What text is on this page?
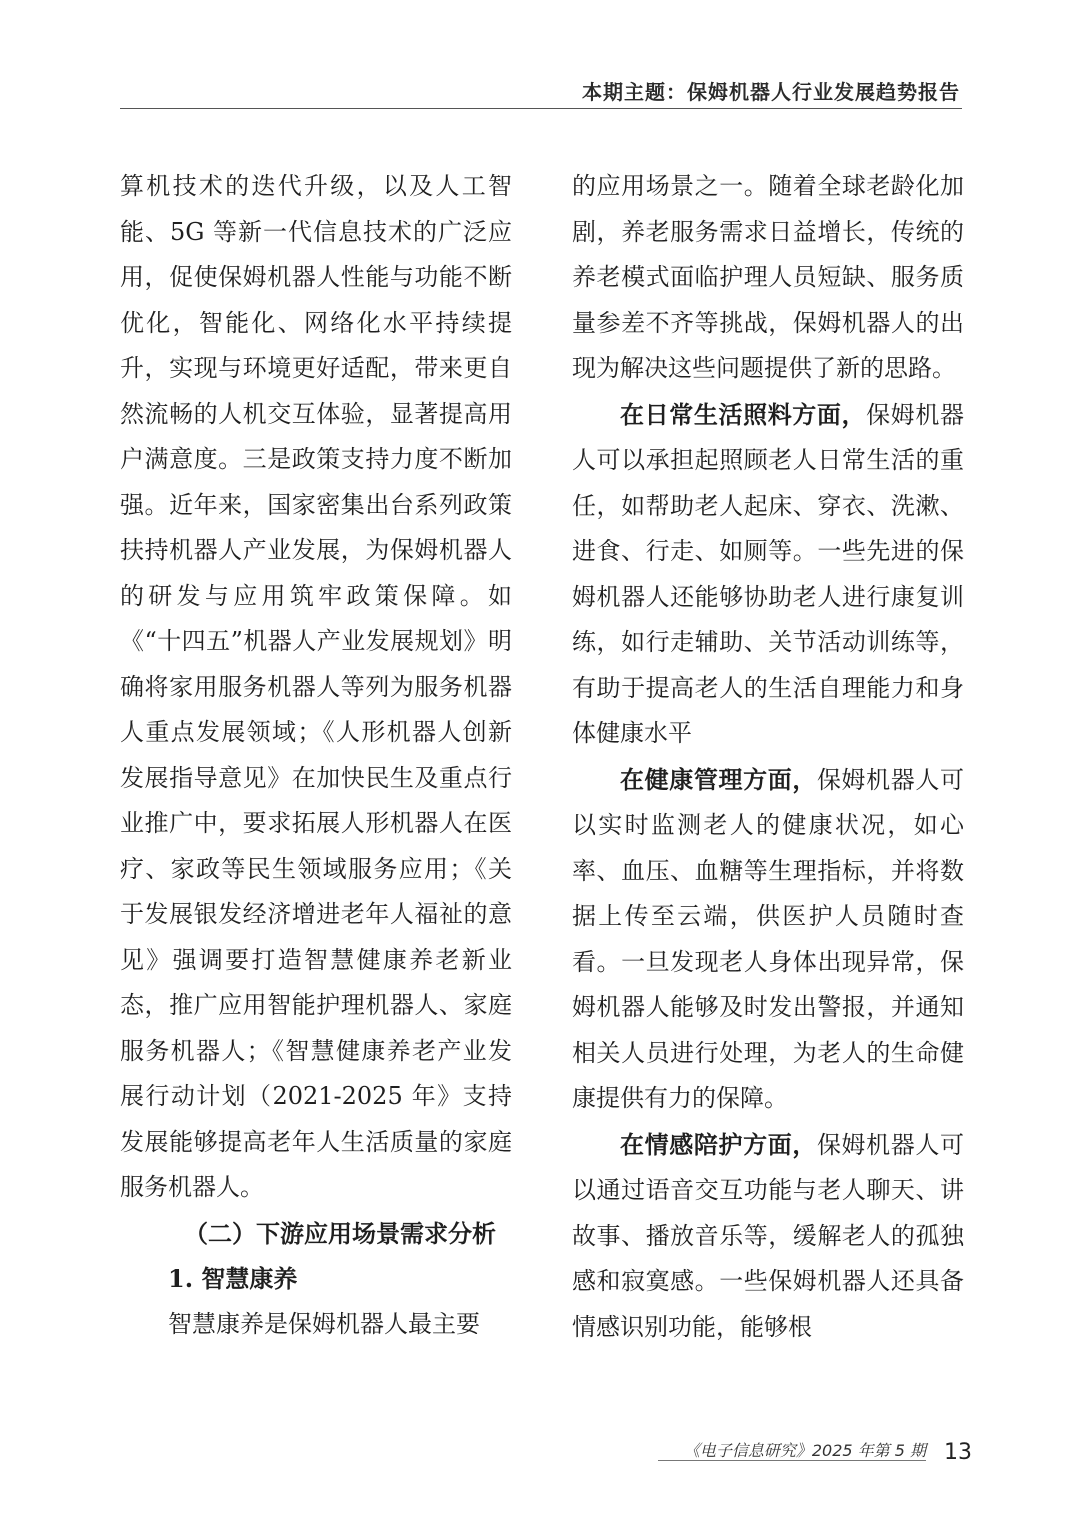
本期主题：保姆机器人行业发展趋势报告

算机技术的迭代升级，以及人工智能、5G 等新一代信息技术的广泛应用，促使保姆机器人性能与功能不断优化，智能化、网络化水平持续提升，实现与环境更好适配，带来更自然流畅的人机交互体验，显著提高用户满意度。三是政策支持力度不断加强。近年来，国家密集出台系列政策扶持机器人产业发展，为保姆机器人的研发与应用筑牢政策保障。如《“十四五”机器人产业发展规划》明确将家用服务机器人等列为服务机器人重点发展领域；《人形机器人创新发展指导意见》在加快民生及重点行业推广中，要求拓展人形机器人在医疗、家政等民生领域服务应用；《关于发展银发经济增进老年人福祉的意见》强调要打造智慧健康养老新业态，推广应用智能护理机器人、家庭服务机器人；《智慧健康养老产业发展行动计划（2021-2025 年》支持发展能够提高老年人生活质量的家庭服务机器人。

（二）下游应用场景需求分析

1. 智慧康养

智慧康养是保姆机器人最主要

的应用场景之一。随着全球老龄化加剧，养老服务需求日益增长，传统的养老模式面临护理人员短缺、服务质量参差不齐等挑战，保姆机器人的出现为解决这些问题提供了新的思路。

在日常生活照料方面，保姆机器人可以承担起照顾老人日常生活的重任，如帮助老人起床、穿衣、洗漱、进食、行走、如厕等。一些先进的保姆机器人还能够协助老人进行康复训练，如行走辅助、关节活动训练等，有助于提高老人的生活自理能力和身体健康水平

在健康管理方面，保姆机器人可以实时监测老人的健康状况，如心率、血压、血糖等生理指标，并将数据上传至云端，供医护人员随时查看。一旦发现老人身体出现异常，保姆机器人能够及时发出警报，并通知相关人员进行处理，为老人的生命健康提供有力的保障。

在情感陪护方面，保姆机器人可以通过语音交互功能与老人聊天、讲故事、播放音乐等，缓解老人的孤独感和寂寞感。一些保姆机器人还具备情感识别功能，能够根

《电子信息研究》2025 年第 5 期 13
